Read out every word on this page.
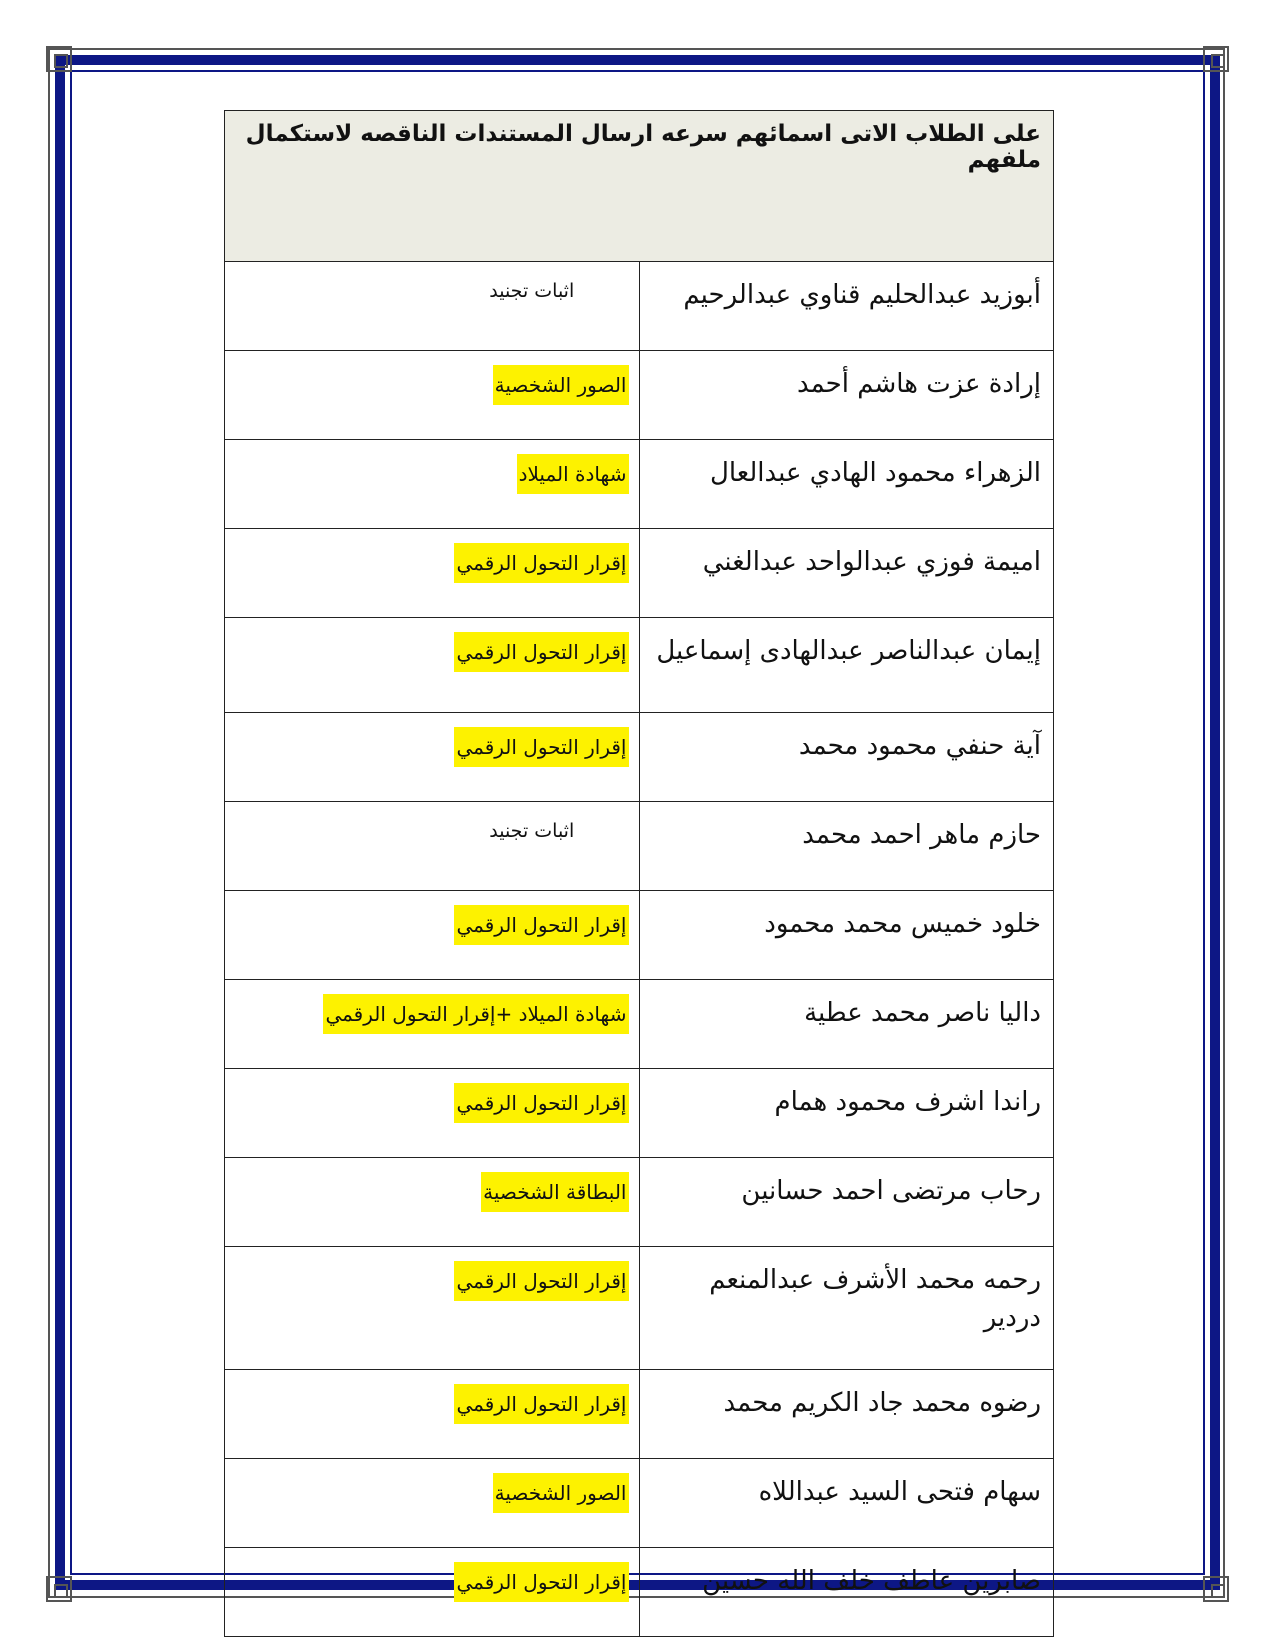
على الطلاب الاتى اسمائهم سرعه ارسال المستندات الناقصه لاستكمال ملفهم	
أبوزيد عبدالحليم قناوي عبدالرحيم	اثبات تجنيد

إرادة عزت هاشم أحمد	الصور الشخصية
الزهراء محمود الهادي عبدالعال	شهادة الميلاد
اميمة فوزي عبدالواحد عبدالغني	إقرار التحول الرقمي
إيمان عبدالناصر عبدالهادى إسماعيل	إقرار التحول الرقمي
آية حنفي محمود محمد	إقرار التحول الرقمي
حازم ماهر احمد محمد	اثبات تجنيد

خلود خميس محمد محمود	إقرار التحول الرقمي
داليا ناصر محمد عطية	شهادة الميلاد +إقرار التحول الرقمي
راندا اشرف محمود همام	إقرار التحول الرقمي
رحاب مرتضى احمد حسانين	البطاقة الشخصية
رحمه محمد الأشرف عبدالمنعم دردير	إقرار التحول الرقمي
رضوه محمد جاد الكريم محمد	إقرار التحول الرقمي
سهام فتحى السيد عبداللاه	الصور الشخصية
صابرين عاطف خلف الله حسين	إقرار التحول الرقمي
